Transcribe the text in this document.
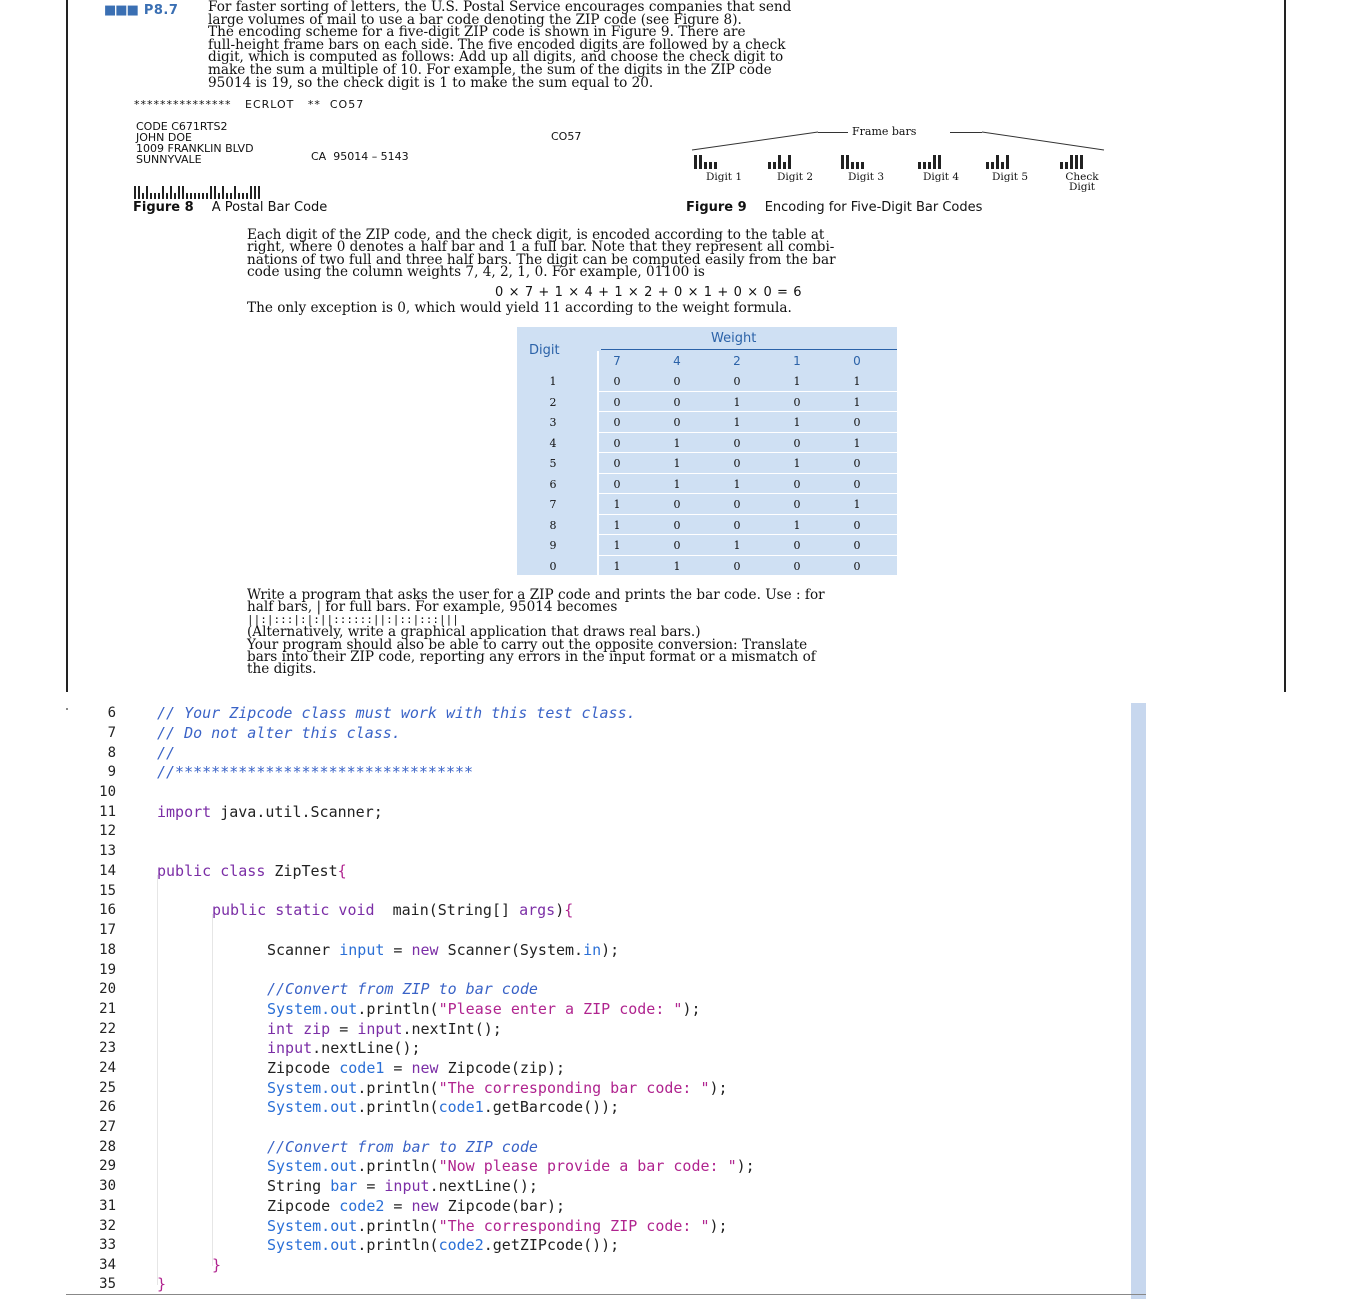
■■■ P8.7 For faster sorting of letters, the U.S. Postal Service encourages companies that send
large volumes of mail to use a bar code denoting the ZIP code (see Figure 8).
The encoding scheme for a five-digit ZIP code is shown in Figure 9. There are
full-height frame bars on each side. The five encoded digits are followed by a check
digit, which is computed as follows: Add up all digits, and choose the check digit to
make the sum a multiple of 10. For example, the sum of the digits in the ZIP code
95014 is 19, so the check digit is 1 to make the sum equal to 20.
***************   ECRLOT   **  CO57
CODE C671RTS2
JOHN DOE
1009 FRANKLIN BLVD
SUNNYVALE
CO57
CA  95014 – 5143
Figure 8 A Postal Bar Code
Frame bars
Digit 1	Digit 2	Digit 3	Digit 4	Digit 5	Check Digit
Figure 9 Encoding for Five-Digit Bar Codes
Each digit of the ZIP code, and the check digit, is encoded according to the table at
right, where 0 denotes a half bar and 1 a full bar. Note that they represent all combi-
nations of two full and three half bars. The digit can be computed easily from the bar
code using the column weights 7, 4, 2, 1, 0. For example, 01100 is
0 × 7 + 1 × 4 + 1 × 2 + 0 × 1 + 0 × 0 = 6
The only exception is 0, which would yield 11 according to the weight formula.
Digit
Weight
7	4	2	1	0
1	0	0	0	1	1
2	0	0	1	0	1
3	0	0	1	1	0
4	0	1	0	0	1
5	0	1	0	1	0
6	0	1	1	0	0
7	1	0	0	0	1
8	1	0	0	1	0
9	1	0	1	0	0
0	1	1	0	0	0
Write a program that asks the user for a ZIP code and prints the bar code. Use : for
half bars, | for full bars. For example, 95014 becomes
||:|:::|:|:||::::::||:|::|:::|||
(Alternatively, write a graphical application that draws real bars.)
Your program should also be able to carry out the opposite conversion: Translate
bars into their ZIP code, reporting any errors in the input format or a mismatch of
the digits.
// Your Zipcode class must work with this test class.
// Do not alter this class.
//
//*********************************
import java.util.Scanner;
public class ZipTest{
public static void  main(String[] args){
Scanner input = new Scanner(System.in);
//Convert from ZIP to bar code
System.out.println("Please enter a ZIP code: ");
int zip = input.nextInt();
input.nextLine();
Zipcode code1 = new Zipcode(zip);
System.out.println("The corresponding bar code: ");
System.out.println(code1.getBarcode());
//Convert from bar to ZIP code
System.out.println("Now please provide a bar code: ");
String bar = input.nextLine();
Zipcode code2 = new Zipcode(bar);
System.out.println("The corresponding ZIP code: ");
System.out.println(code2.getZIPcode());
}
}
6
7
8
9
10
11
12
13
14
15
16
17
18
19
20
21
22
23
24
25
26
27
28
29
30
31
32
33
34
35
